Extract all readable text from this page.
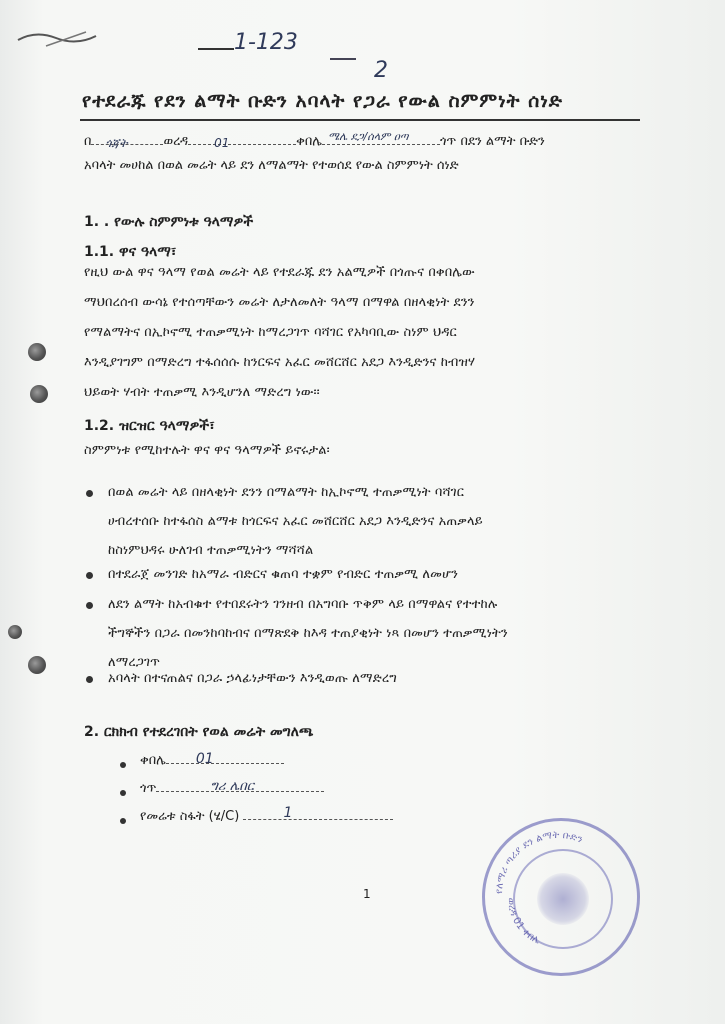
1-123
2
የተደራጁ የደን ልማት ቡድን አባላት የጋራ የውል ስምምነት ሰነድ
በ ጎጃት	ወረዳ 01	ቀበሌ ሜሌ ደጋ/ሰላም ዐጣ ጎጥ በደን ልማት ቡድን
አባላት መሀከል በወል መሬት ላይ ደን ለማልማት የተወሰደ የውል ስምምነት ሰነድ
1. . የውሉ ስምምነቱ ዓላማዎች
1.1. ዋና ዓላማ፣
የዚህ ውል ዋና ዓላማ የወል መሬት ላይ የተደራጁ ደን አልሚዎች በጎጡና በቀበሌው
ማህበረሰብ ውሳኔ የተሰጣቸውን መሬት ለታለመለት ዓላማ በማዋል በዘላቂነት ደንን
የማልማትና በኢኮኖሚ ተጠቃሚነት ከማረጋገጥ ባሻገር የአካባቢው ስነም ህዳር
እንዲያገግም በማድረግ ተፋሰሰሱ ከንርፍና አፈር መሸርሸር አደጋ እንዲድንና ከብዝሃ
ህይወት ሃብት ተጠቃሚ እንዲሆንለ ማድረግ ነው፡፡
1.2. ዝርዝር ዓላማዎች፣
ስምምነቱ የሚከተሉት ዋና ዋና ዓላማዎች ይኖሩታል፡
በወል መሬት ላይ በዘላቂነት ደንን በማልማት ከኢኮኖሚ ተጠቃሚነት ባሻገር
ሀብረተሰቡ ከተፋሰስ ልማቱ ከጎርፍና አፈር መሸርሸር አደጋ እንዲድንና አጠቃላይ
ከስነምህዳሩ ሁለገብ ተጠቃሚነትን ማሻሻል
በተደራጀ መንገድ ከአማራ ብድርና ቁጠባ ተቋም የብድር ተጠቃሚ ለመሆን
ለደን ልማት ከአብቁተ የተበደሩትን ገንዘብ በአግባቡ ጥቅም ላይ በማዋልና የተተከሉ
ችግኞችን በጋራ በመንከባከብና በማጽደቅ ከእዳ ተጠያቂነት ነጻ በመሆን ተጠቃሚነትን
ለማረጋገጥ
አባላት በተናጠልና በጋራ ኃላፊነታቸውን እንዲወጡ ለማድረግ
2. ርክክብ የተደረገበት የወል መሬት መግለጫ
ቀበሌ 01
ጎጥ	ግሪ ሌበር
የመሬቱ ስፋት (ሄ/C)	1
የለማሪ ጣሪያ ደን ልማት ቡድን
ወረዳ 01 ቀበሌ
1
